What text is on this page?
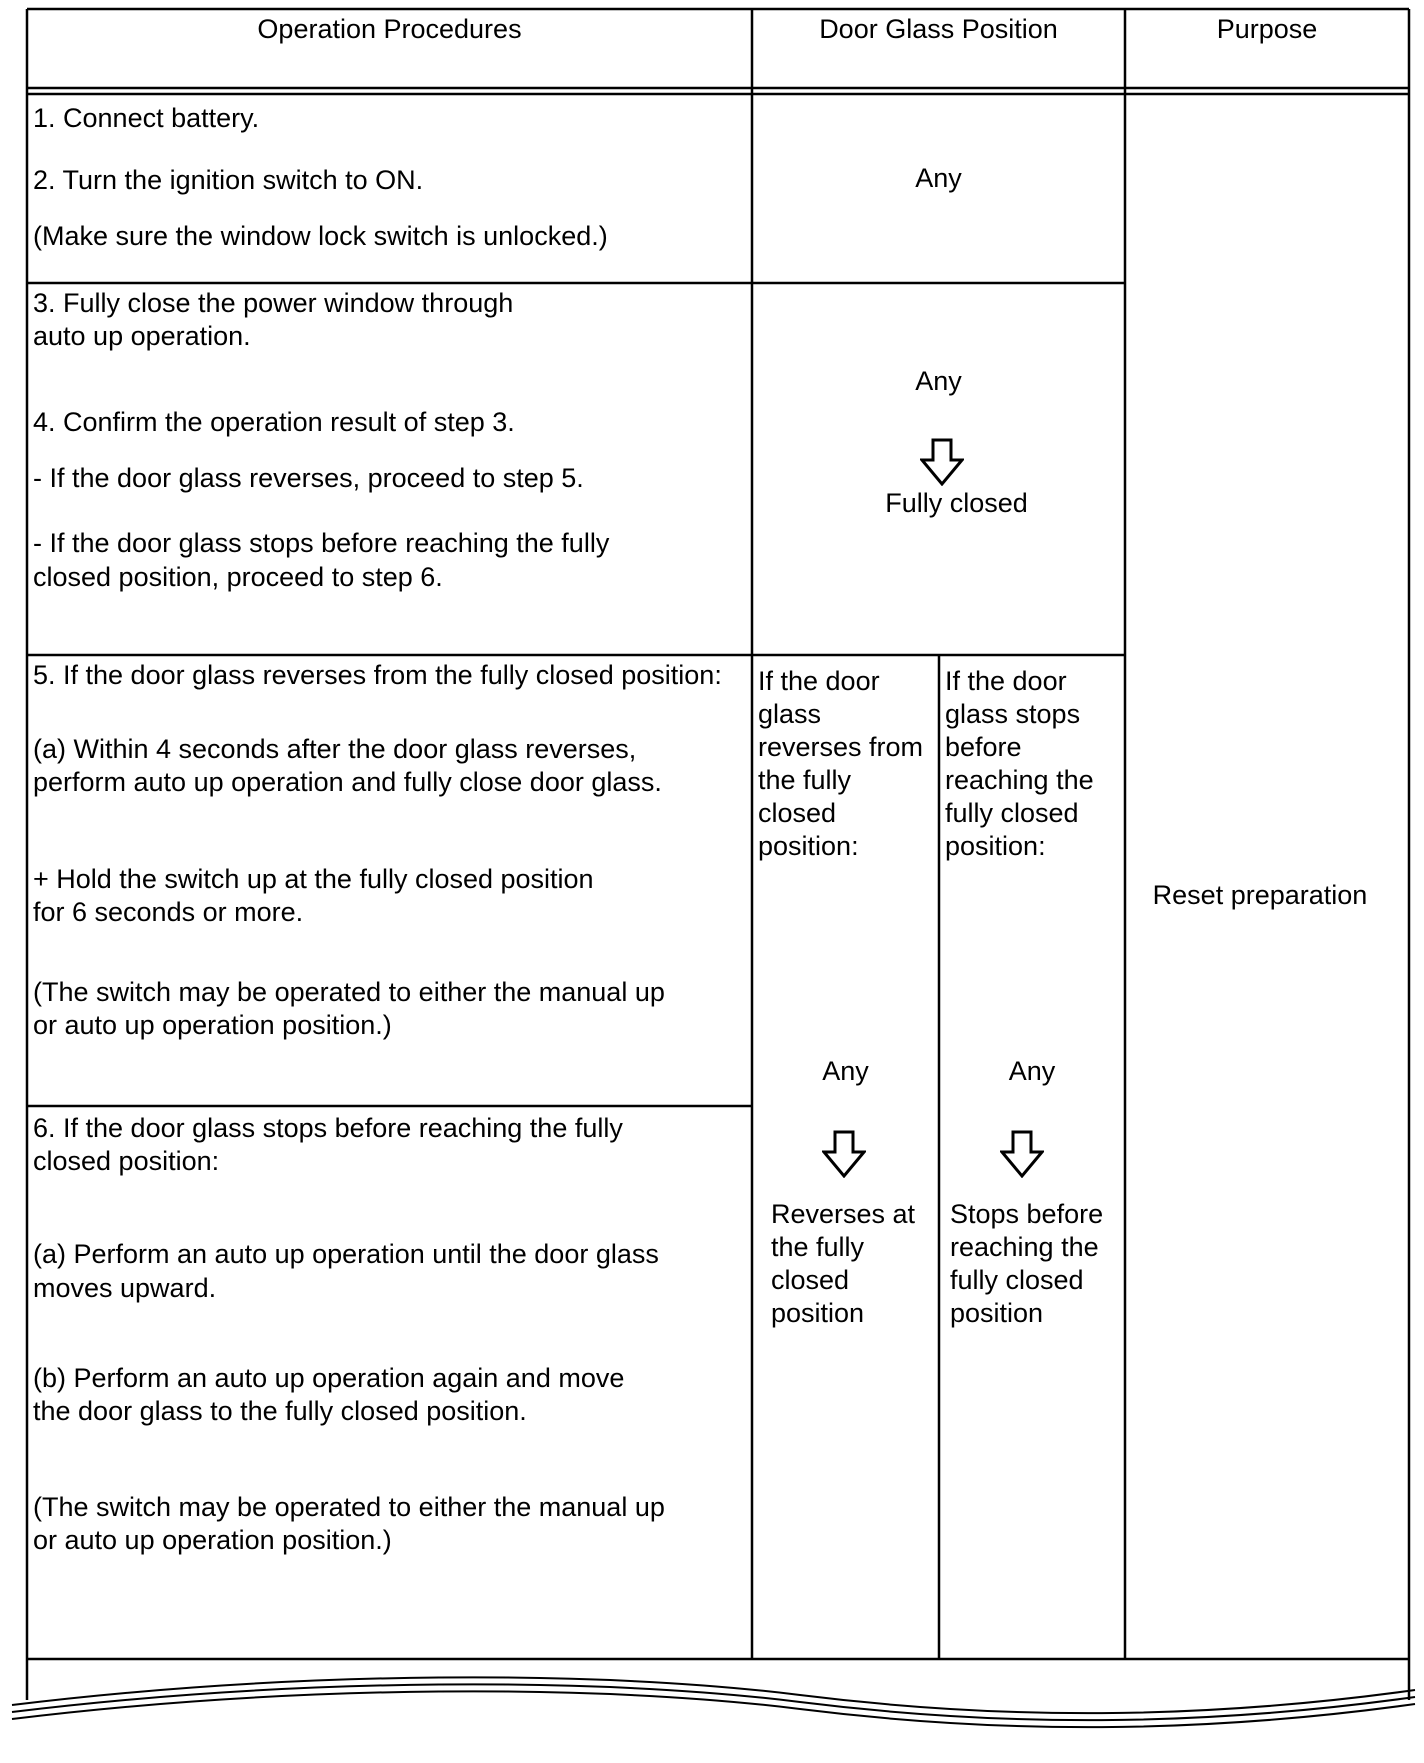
Operation Procedures	Door Glass Position	Purpose
1. Connect battery.
2. Turn the ignition switch to ON.
(Make sure the window lock switch is unlocked.)
Any
3. Fully close the power window through
auto up operation.
4. Confirm the operation result of step 3.
- If the door glass reverses, proceed to step 5.
- If the door glass stops before reaching the fully
closed position, proceed to step 6.
Any
Fully closed
5. If the door glass reverses from the fully closed position:
(a) Within 4 seconds after the door glass reverses,
perform auto up operation and fully close door glass.
+ Hold the switch up at the fully closed position
for 6 seconds or more.
(The switch may be operated to either the manual up
or auto up operation position.)
6. If the door glass stops before reaching the fully
closed position:
(a) Perform an auto up operation until the door glass
moves upward.
(b) Perform an auto up operation again and move
the door glass to the fully closed position.
(The switch may be operated to either the manual up
or auto up operation position.)
If the door
glass
reverses from
the fully
closed
position:
Any
Reverses at
the fully
closed
position
If the door
glass stops
before
reaching the
fully closed
position:
Any
Stops before
reaching the
fully closed
position
Reset preparation
